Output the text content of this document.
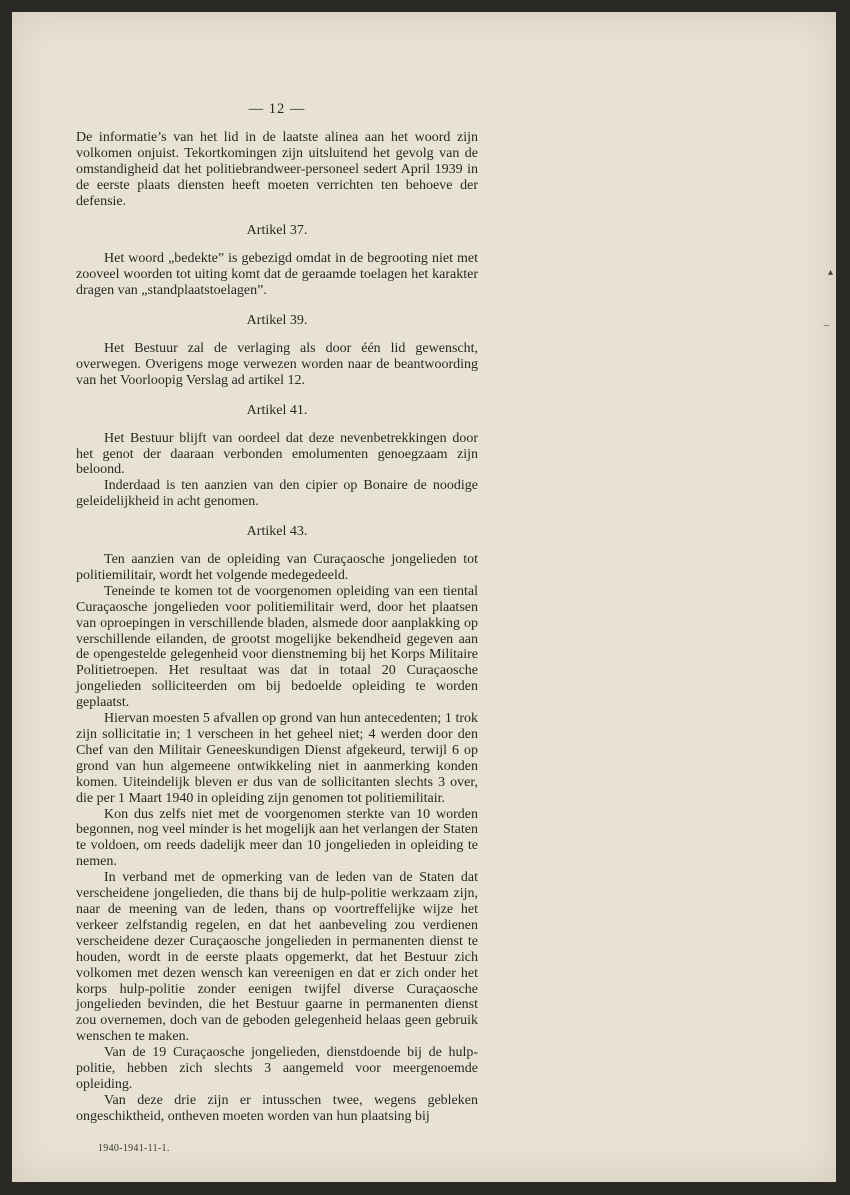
— 12 —

De informatie’s van het lid in de laatste alinea aan het woord zijn volkomen onjuist. Tekortkomingen zijn uitsluitend het gevolg van de omstandigheid dat het politiebrandweer-personeel sedert April 1939 in de eerste plaats diensten heeft moeten verrichten ten behoeve der defensie.

Artikel 37.

Het woord „bedekte” is gebezigd omdat in de begrooting niet met zooveel woorden tot uiting komt dat de geraamde toelagen het karakter dragen van „standplaatstoelagen”.

Artikel 39.

Het Bestuur zal de verlaging als door één lid gewenscht, overwegen. Overigens moge verwezen worden naar de beantwoording van het Voorloopig Verslag ad artikel 12.

Artikel 41.

Het Bestuur blijft van oordeel dat deze nevenbetrekkingen door het genot der daaraan verbonden emolumenten genoegzaam zijn beloond.

Inderdaad is ten aanzien van den cipier op Bonaire de noodige geleidelijkheid in acht genomen.

Artikel 43.

Ten aanzien van de opleiding van Curaçaosche jongelieden tot politiemilitair, wordt het volgende medegedeeld.

Teneinde te komen tot de voorgenomen opleiding van een tiental Curaçaosche jongelieden voor politiemilitair werd, door het plaatsen van oproepingen in verschillende bladen, alsmede door aanplakking op verschillende eilanden, de grootst mogelijke bekendheid gegeven aan de opengestelde gelegenheid voor dienstneming bij het Korps Militaire Politietroepen. Het resultaat was dat in totaal 20 Curaçaosche jongelieden solliciteerden om bij bedoelde opleiding te worden geplaatst.

Hiervan moesten 5 afvallen op grond van hun antecedenten; 1 trok zijn sollicitatie in; 1 verscheen in het geheel niet; 4 werden door den Chef van den Militair Geneeskundigen Dienst afgekeurd, terwijl 6 op grond van hun algemeene ontwikkeling niet in aanmerking konden komen. Uiteindelijk bleven er dus van de sollicitanten slechts 3 over, die per 1 Maart 1940 in opleiding zijn genomen tot politiemilitair.

Kon dus zelfs niet met de voorgenomen sterkte van 10 worden begonnen, nog veel minder is het mogelijk aan het verlangen der Staten te voldoen, om reeds dadelijk meer dan 10 jongelieden in opleiding te nemen.

In verband met de opmerking van de leden van de Staten dat verscheidene jongelieden, die thans bij de hulp-politie werkzaam zijn, naar de meening van de leden, thans op voortreffelijke wijze het verkeer zelfstandig regelen, en dat het aanbeveling zou verdienen verscheidene dezer Curaçaosche jongelieden in permanenten dienst te houden, wordt in de eerste plaats opgemerkt, dat het Bestuur zich volkomen met dezen wensch kan vereenigen en dat er zich onder het korps hulp-politie zonder eenigen twijfel diverse Curaçaosche jongelieden bevinden, die het Bestuur gaarne in permanenten dienst zou overnemen, doch van de geboden gelegenheid helaas geen gebruik wenschen te maken.

Van de 19 Curaçaosche jongelieden, dienstdoende bij de hulp-politie, hebben zich slechts 3 aangemeld voor meergenoemde opleiding.

Van deze drie zijn er intusschen twee, wegens gebleken ongeschiktheid, ontheven moeten worden van hun plaatsing bij

▴
–
1940-1941-11-1.
